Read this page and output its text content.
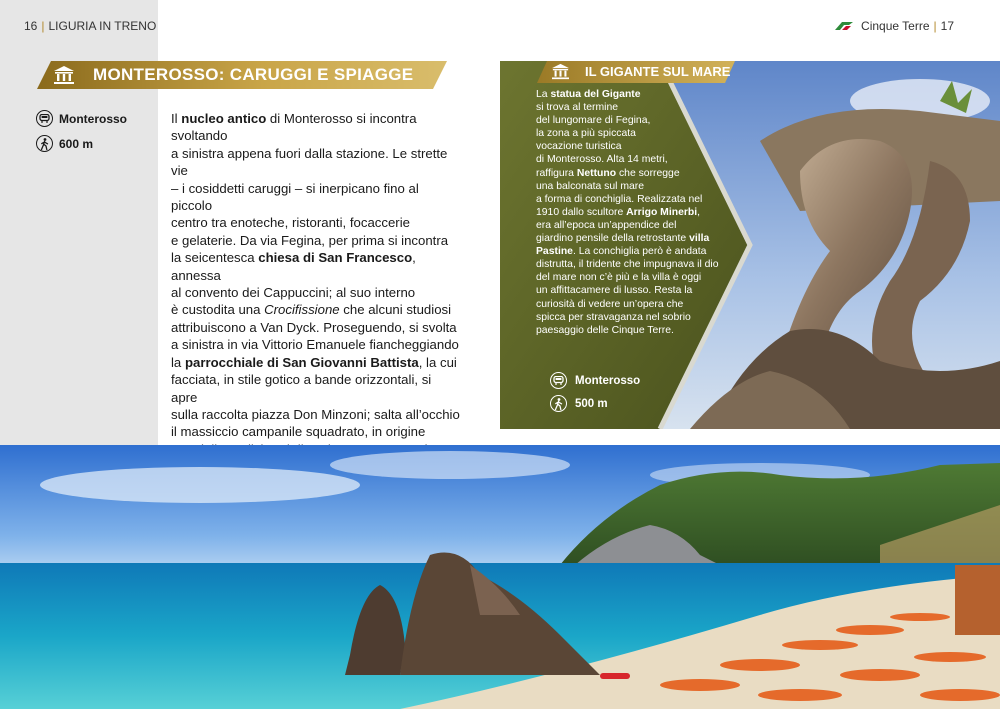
16 | LIGURIA IN TRENO	Cinque Terre | 17
MONTEROSSO: CARUGGI E SPIAGGE
Monterosso
600 m

Il nucleo antico di Monterosso si incontra svoltando

a sinistra appena fuori dalla stazione. Le strette vie

– i cosiddetti caruggi – si inerpicano fino al piccolo

centro tra enoteche, ristoranti, focaccerie

e gelaterie. Da via Fegina, per prima si incontra

la seicentesca chiesa di San Francesco, annessa

al convento dei Cappuccini; al suo interno

è custodita una Crocifissione che alcuni studiosi

attribuiscono a Van Dyck. Proseguendo, si svolta

a sinistra in via Vittorio Emanuele fiancheggiando

la parrocchiale di San Giovanni Battista, la cui

facciata, in stile gotico a bande orizzontali, si apre

sulla raccolta piazza Don Minzoni; salta all’occhio

il massiccio campanile squadrato, in origine

IL GIGANTE SUL MARE

La statua del Gigante

si trova al termine

del lungomare di Fegina,

la zona a più spiccata

vocazione turistica

di Monterosso. Alta 14 metri,

raffigura Nettuno che sorregge

una balconata sul mare

a forma di conchiglia. Realizzata nel

1910 dallo scultore Arrigo Minerbi,

era all’epoca un’appendice del

giardino pensile della retrostante villa

Pastine. La conchiglia però è andata

distrutta, il tridente che impugnava il dio

del mare non c’è più e la villa è oggi

un affittacamere di lusso. Resta la

curiosità di vedere un’opera che

spicca per stravaganza nel sobrio

paesaggio delle Cinque Terre.

Monterosso
500 m
